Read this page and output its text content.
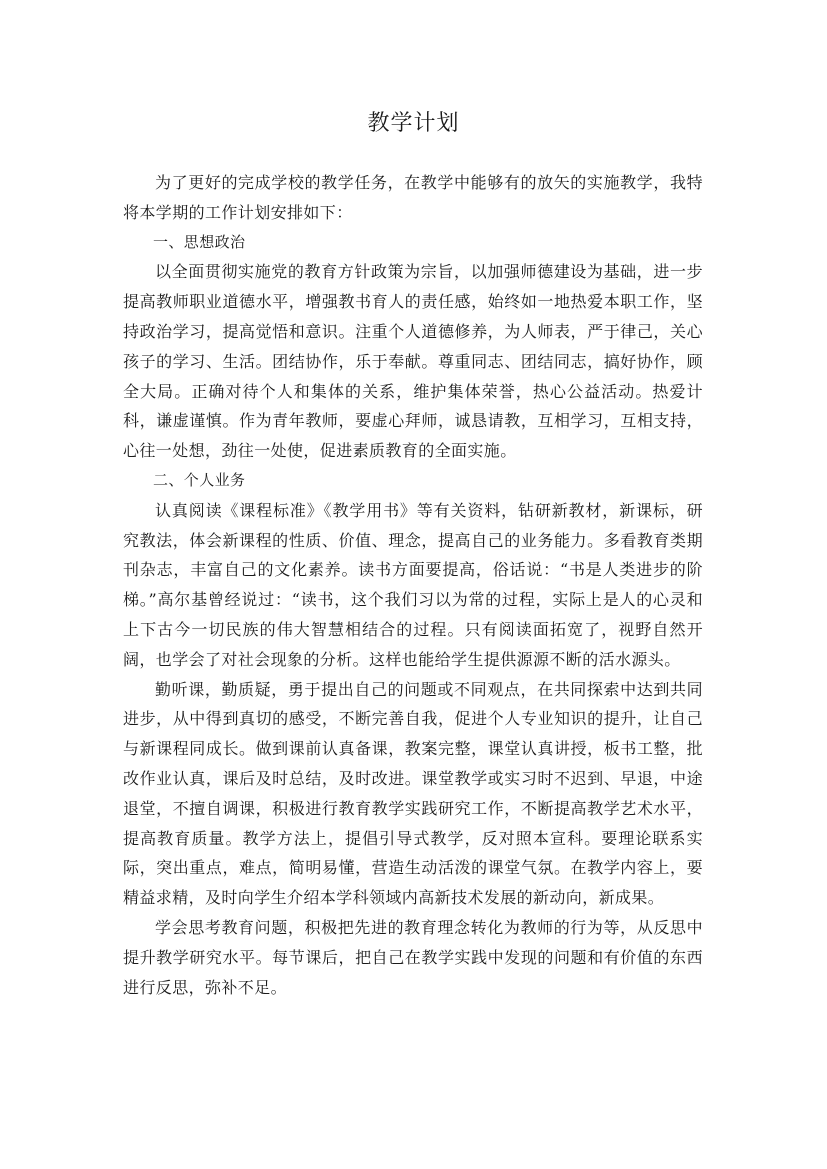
教学计划

为了更好的完成学校的教学任务，在教学中能够有的放矢的实施教学，我特将本学期的工作计划安排如下：

一、思想政治

以全面贯彻实施党的教育方针政策为宗旨，以加强师德建设为基础，进一步提高教师职业道德水平，增强教书育人的责任感，始终如一地热爱本职工作，坚持政治学习，提高觉悟和意识。注重个人道德修养，为人师表，严于律己，关心孩子的学习、生活。团结协作，乐于奉献。尊重同志、团结同志，搞好协作，顾全大局。正确对待个人和集体的关系，维护集体荣誉，热心公益活动。热爱计科，谦虚谨慎。作为青年教师，要虚心拜师，诚恳请教，互相学习，互相支持，心往一处想，劲往一处使，促进素质教育的全面实施。

二、个人业务

认真阅读《课程标准》《教学用书》等有关资料，钻研新教材，新课标，研究教法，体会新课程的性质、价值、理念，提高自己的业务能力。多看教育类期刊杂志，丰富自己的文化素养。读书方面要提高，俗话说：“书是人类进步的阶梯。”高尔基曾经说过：“读书，这个我们习以为常的过程，实际上是人的心灵和上下古今一切民族的伟大智慧相结合的过程。只有阅读面拓宽了，视野自然开阔，也学会了对社会现象的分析。这样也能给学生提供源源不断的活水源头。

勤听课，勤质疑，勇于提出自己的问题或不同观点，在共同探索中达到共同进步，从中得到真切的感受，不断完善自我，促进个人专业知识的提升，让自己与新课程同成长。做到课前认真备课，教案完整，课堂认真讲授，板书工整，批改作业认真，课后及时总结，及时改进。课堂教学或实习时不迟到、早退，中途退堂，不擅自调课，积极进行教育教学实践研究工作，不断提高教学艺术水平，提高教育质量。教学方法上，提倡引导式教学，反对照本宣科。要理论联系实际，突出重点，难点，简明易懂，营造生动活泼的课堂气氛。在教学内容上，要精益求精，及时向学生介绍本学科领域内高新技术发展的新动向，新成果。

学会思考教育问题，积极把先进的教育理念转化为教师的行为等，从反思中提升教学研究水平。每节课后，把自己在教学实践中发现的问题和有价值的东西进行反思，弥补不足。
